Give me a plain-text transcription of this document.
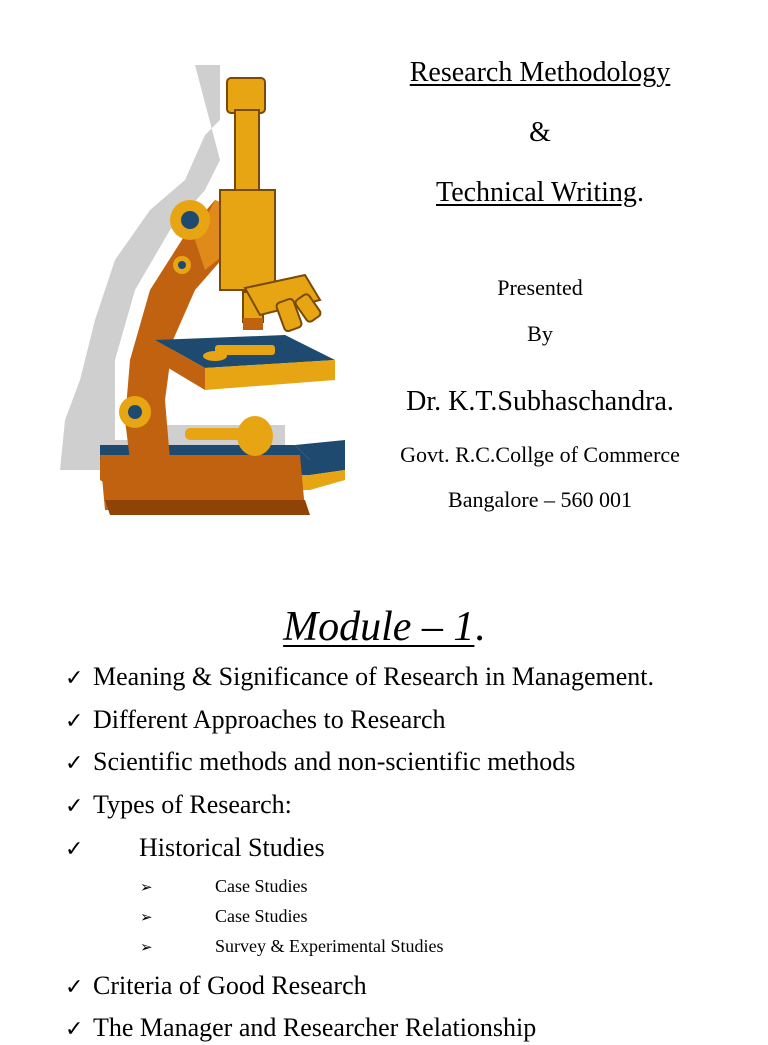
Research Methodology
&
Technical Writing.
Presented
By
Dr. K.T.Subhaschandra.
Govt. R.C.Collge of Commerce
Bangalore – 560 001
Module – 1.
✓ Meaning & Significance of Research in Management.
✓ Different Approaches to Research
✓ Scientific methods and non-scientific methods
✓ Types of Research:
✓ Historical Studies
➢	Case Studies
➢	Case Studies
➢	Survey & Experimental Studies
✓ Criteria of Good Research
✓ The Manager and Researcher Relationship
